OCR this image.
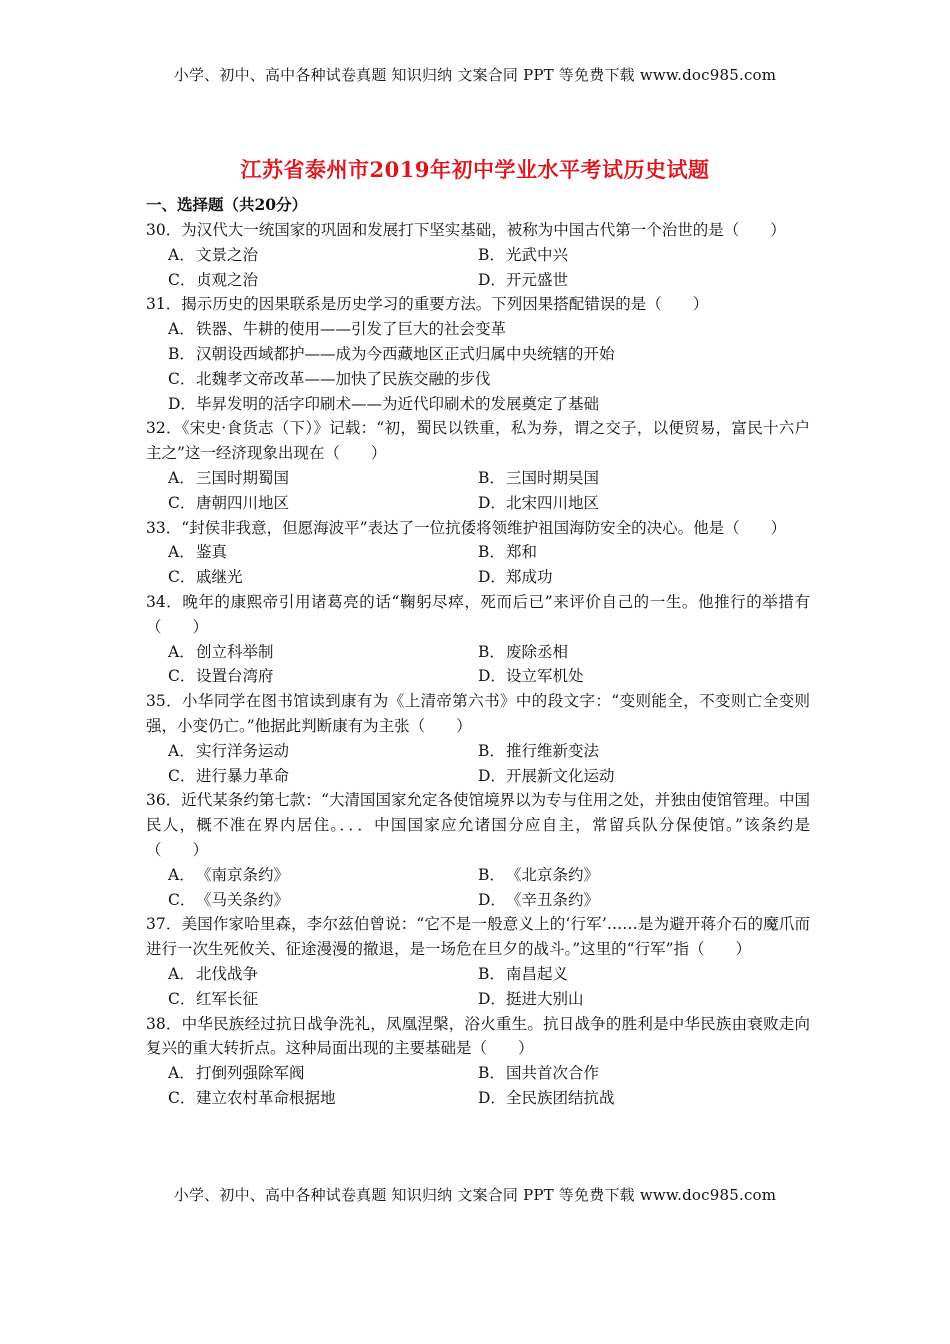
小学、初中、高中各种试卷真题 知识归纳 文案合同 PPT 等免费下载 www.doc985.com
江苏省泰州市2019年初中学业水平考试历史试题
一、选择题（共20分）
30．为汉代大一统国家的巩固和发展打下坚实基础，被称为中国古代第一个治世的是（　　）
A．文景之治	B．光武中兴
C．贞观之治	D．开元盛世
31．揭示历史的因果联系是历史学习的重要方法。下列因果搭配错误的是（　　）
A．铁器、牛耕的使用——引发了巨大的社会变革
B．汉朝设西域都护——成为今西藏地区正式归属中央统辖的开始
C．北魏孝文帝改革——加快了民族交融的步伐
D．毕昇发明的活字印刷术——为近代印刷术的发展奠定了基础
32．《宋史·食货志（下）》记载：“初，蜀民以铁重，私为券，谓之交子，以便贸易，富民十六户主之”这一经济现象出现在（　　）
A．三国时期蜀国	B．三国时期吴国
C．唐朝四川地区	D．北宋四川地区
33．“封侯非我意，但愿海波平”表达了一位抗倭将领维护祖国海防安全的决心。他是（　　）
A．鉴真	B．郑和
C．戚继光	D．郑成功
34．晚年的康熙帝引用诸葛亮的话“鞠躬尽瘁，死而后已”来评价自己的一生。他推行的举措有（　　）
A．创立科举制	B．废除丞相
C．设置台湾府	D．设立军机处
35．小华同学在图书馆读到康有为《上清帝第六书》中的段文字：“变则能全，不变则亡全变则强，小变仍亡。”他据此判断康有为主张（　　）
A．实行洋务运动	B．推行维新变法
C．进行暴力革命	D．开展新文化运动
36．近代某条约第七款：“大清国国家允定各使馆境界以为专与住用之处，并独由使馆管理。中国民人，概不准在界内居住。．．．中国国家应允诸国分应自主，常留兵队分保使馆。”该条约是（　　）
A．《南京条约》	B．《北京条约》
C．《马关条约》	D．《辛丑条约》
37．美国作家哈里森，李尔兹伯曾说：“它不是一般意义上的‘行军’……是为避开蒋介石的魔爪而进行一次生死攸关、征途漫漫的撤退，是一场危在旦夕的战斗。”这里的“行军”指（　　）
A．北伐战争	B．南昌起义
C．红军长征	D．挺进大别山
38．中华民族经过抗日战争洗礼，凤凰涅槃，浴火重生。抗日战争的胜利是中华民族由衰败走向复兴的重大转折点。这种局面出现的主要基础是（　　）
A．打倒列强除军阀	B．国共首次合作
C．建立农村革命根据地	D．全民族团结抗战
小学、初中、高中各种试卷真题 知识归纳 文案合同 PPT 等免费下载 www.doc985.com
